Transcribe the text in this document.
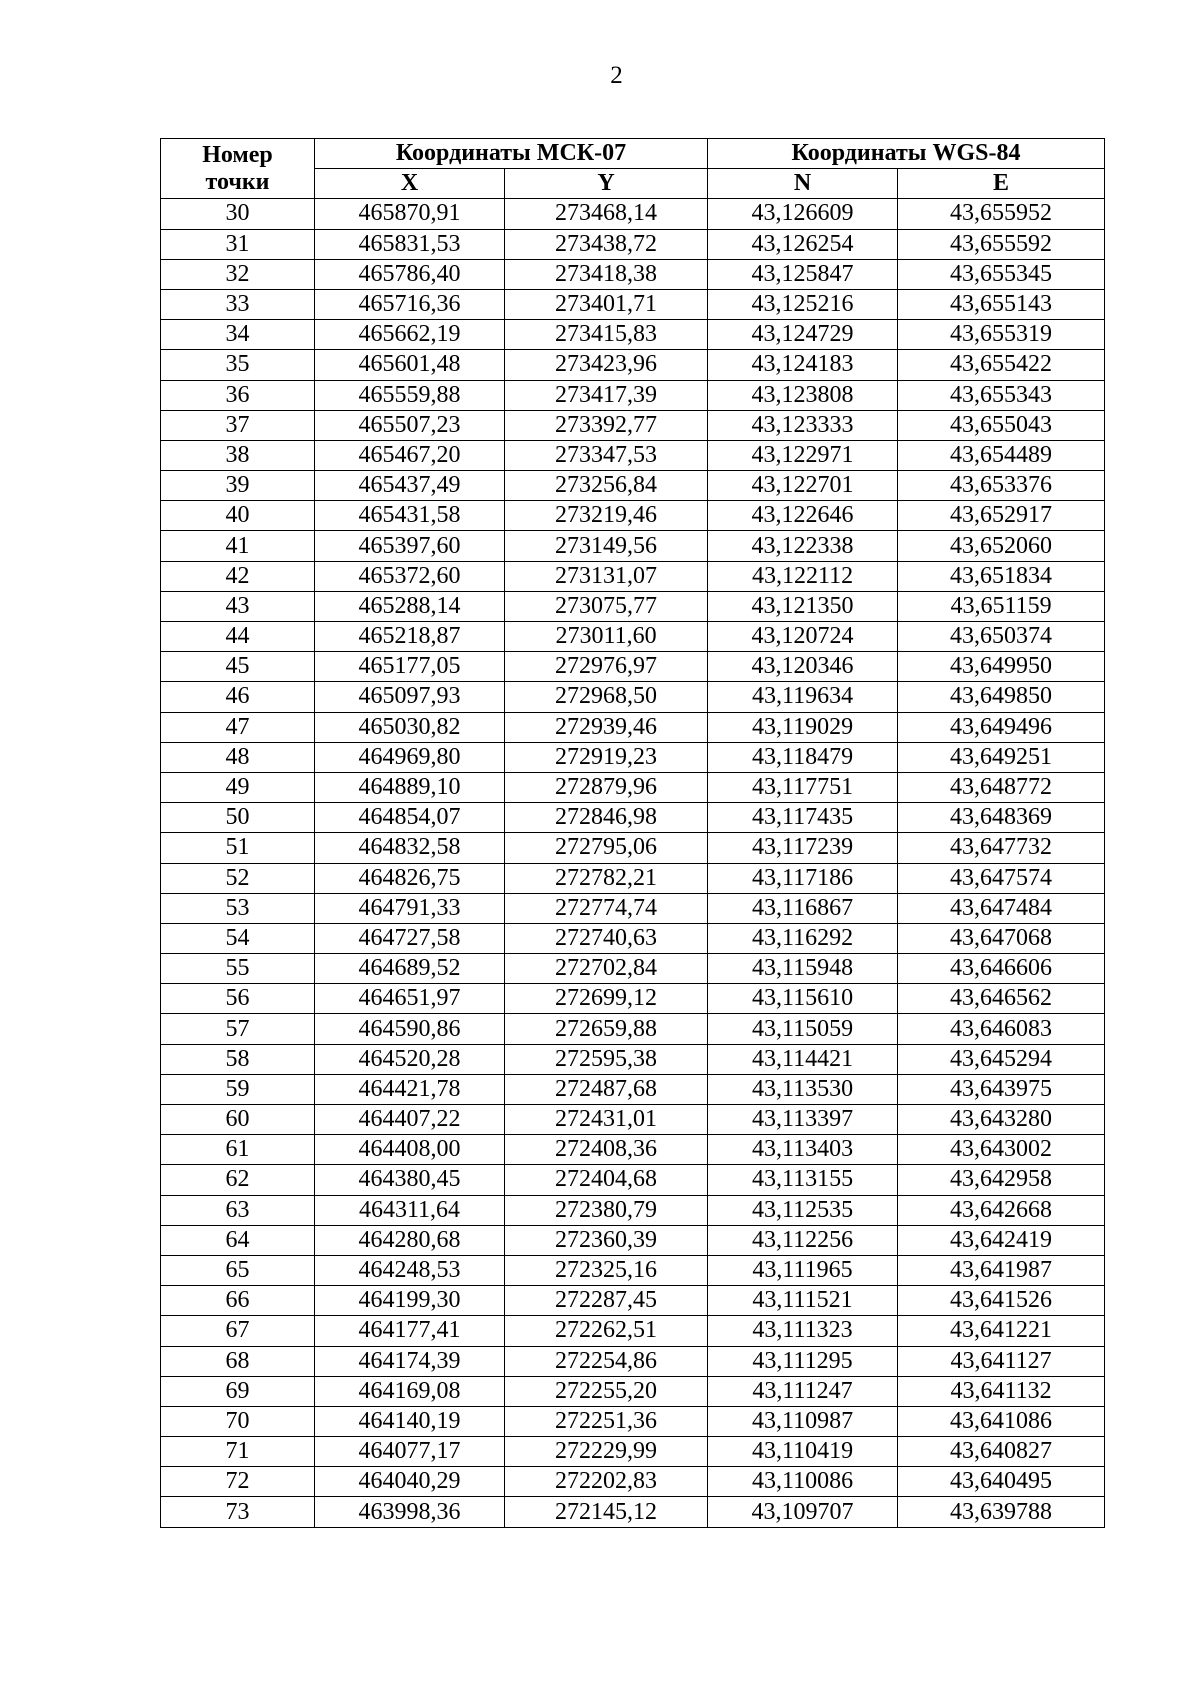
2
Номер
точки	Координаты МСК-07		Координаты WGS-84	
	X	Y	N	E
30	465870,91	273468,14	43,126609	43,655952
31	465831,53	273438,72	43,126254	43,655592
32	465786,40	273418,38	43,125847	43,655345
33	465716,36	273401,71	43,125216	43,655143
34	465662,19	273415,83	43,124729	43,655319
35	465601,48	273423,96	43,124183	43,655422
36	465559,88	273417,39	43,123808	43,655343
37	465507,23	273392,77	43,123333	43,655043
38	465467,20	273347,53	43,122971	43,654489
39	465437,49	273256,84	43,122701	43,653376
40	465431,58	273219,46	43,122646	43,652917
41	465397,60	273149,56	43,122338	43,652060
42	465372,60	273131,07	43,122112	43,651834
43	465288,14	273075,77	43,121350	43,651159
44	465218,87	273011,60	43,120724	43,650374
45	465177,05	272976,97	43,120346	43,649950
46	465097,93	272968,50	43,119634	43,649850
47	465030,82	272939,46	43,119029	43,649496
48	464969,80	272919,23	43,118479	43,649251
49	464889,10	272879,96	43,117751	43,648772
50	464854,07	272846,98	43,117435	43,648369
51	464832,58	272795,06	43,117239	43,647732
52	464826,75	272782,21	43,117186	43,647574
53	464791,33	272774,74	43,116867	43,647484
54	464727,58	272740,63	43,116292	43,647068
55	464689,52	272702,84	43,115948	43,646606
56	464651,97	272699,12	43,115610	43,646562
57	464590,86	272659,88	43,115059	43,646083
58	464520,28	272595,38	43,114421	43,645294
59	464421,78	272487,68	43,113530	43,643975
60	464407,22	272431,01	43,113397	43,643280
61	464408,00	272408,36	43,113403	43,643002
62	464380,45	272404,68	43,113155	43,642958
63	464311,64	272380,79	43,112535	43,642668
64	464280,68	272360,39	43,112256	43,642419
65	464248,53	272325,16	43,111965	43,641987
66	464199,30	272287,45	43,111521	43,641526
67	464177,41	272262,51	43,111323	43,641221
68	464174,39	272254,86	43,111295	43,641127
69	464169,08	272255,20	43,111247	43,641132
70	464140,19	272251,36	43,110987	43,641086
71	464077,17	272229,99	43,110419	43,640827
72	464040,29	272202,83	43,110086	43,640495
73	463998,36	272145,12	43,109707	43,639788
